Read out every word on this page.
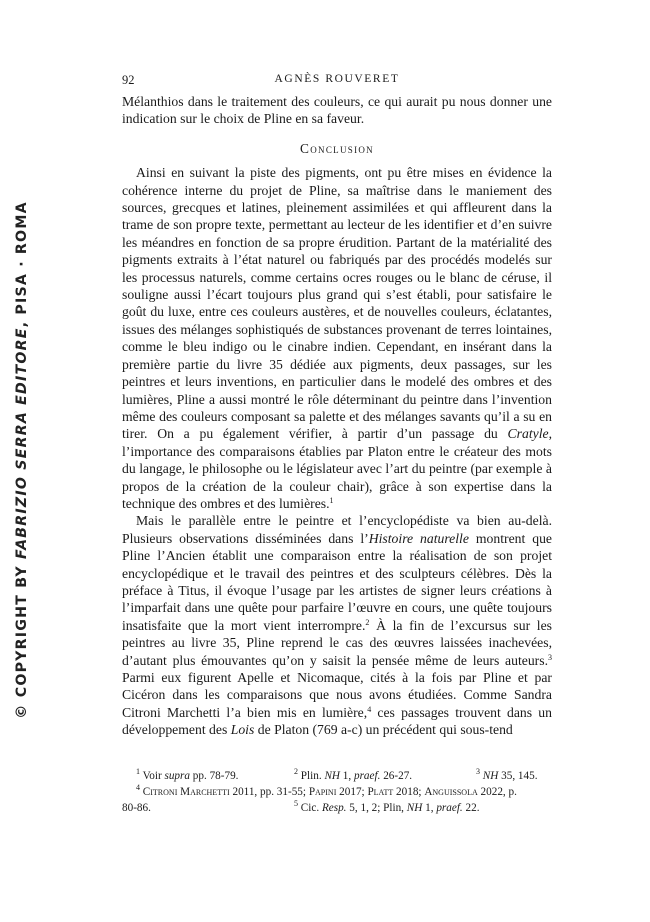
© COPYRIGHT BY FABRIZIO SERRA EDITORE, PISA · ROMA
92	AGNÈS ROUVERET

Mélanthios dans le traitement des couleurs, ce qui aurait pu nous donner une indication sur le choix de Pline en sa faveur.

Conclusion

Ainsi en suivant la piste des pigments, ont pu être mises en évidence la cohérence interne du projet de Pline, sa maîtrise dans le maniement des sources, grecques et latines, pleinement assimilées et qui affleurent dans la trame de son propre texte, permettant au lecteur de les identifier et d’en suivre les méandres en fonction de sa propre érudition. Partant de la matérialité des pigments extraits à l’état naturel ou fabriqués par des procédés modelés sur les processus naturels, comme certains ocres rouges ou le blanc de céruse, il souligne aussi l’écart toujours plus grand qui s’est établi, pour satisfaire le goût du luxe, entre ces couleurs austères, et de nouvelles couleurs, éclatantes, issues des mélanges sophistiqués de substances provenant de terres lointaines, comme le bleu indigo ou le cinabre indien. Cependant, en insérant dans la première partie du livre 35 dédiée aux pigments, deux passages, sur les peintres et leurs inventions, en particulier dans le modelé des ombres et des lumières, Pline a aussi montré le rôle déterminant du peintre dans l’invention même des couleurs composant sa palette et des mélanges savants qu’il a su en tirer. On a pu également vérifier, à partir d’un passage du Cratyle, l’importance des comparaisons établies par Platon entre le créateur des mots du langage, le philosophe ou le législateur avec l’art du peintre (par exemple à propos de la création de la couleur chair), grâce à son expertise dans la technique des ombres et des lumières.$^1$

Mais le parallèle entre le peintre et l’encyclopédiste va bien au-delà. Plusieurs observations disséminées dans l’Histoire naturelle montrent que Pline l’Ancien établit une comparaison entre la réalisation de son projet encyclopédique et le travail des peintres et des sculpteurs célèbres. Dès la préface à Titus, il évoque l’usage par les artistes de signer leurs créations à l’imparfait dans une quête pour parfaire l’œuvre en cours, une quête toujours insatisfaite que la mort vient interrompre.$^2$ À la fin de l’excursus sur les peintres au livre 35, Pline reprend le cas des œuvres laissées inachevées, d’autant plus émouvantes qu’on y saisit la pensée même de leurs auteurs.$^3$ Parmi eux figurent Apelle et Nicomaque, cités à la fois par Pline et par Cicéron dans les comparaisons que nous avons étudiées. Comme Sandra Citroni Marchetti l’a bien mis en lumière,$^4$ ces passages trouvent dans un développement des Lois de Platon (769 a-c) un précédent qui sous-tend

$^1$ Voir supra pp. 78-79.	$^2$ Plin. NH 1, praef. 26-27.	$^3$ NH 35, 145.
$^4$ Citroni Marchetti 2011, pp. 31-55; Papini 2017; Platt 2018; Anguissola 2022, p.
80-86.	$^5$ Cic. Resp. 5, 1, 2; Plin, NH 1, praef. 22.
